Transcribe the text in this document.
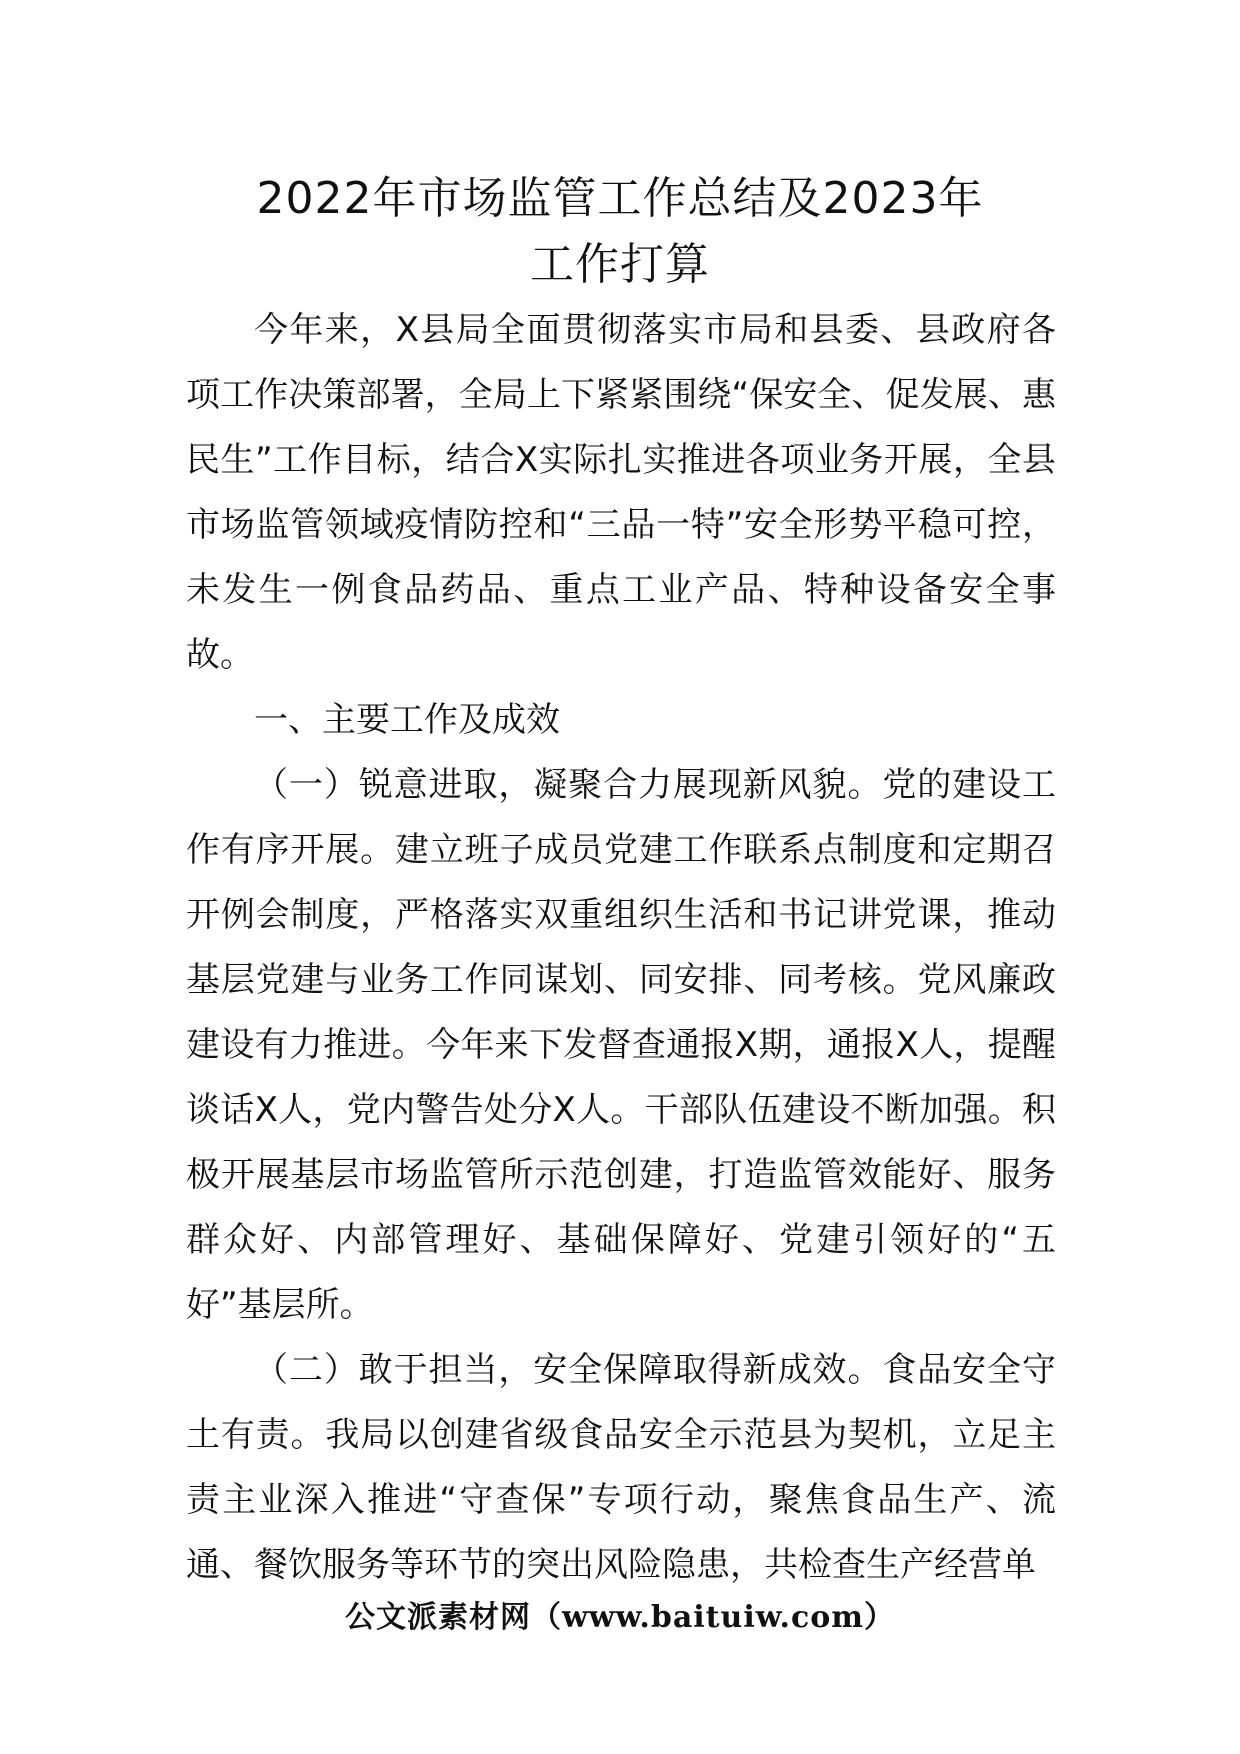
2022年市场监管工作总结及2023年
工作打算

今年来，X县局全面贯彻落实市局和县委、县政府各项工作决策部署，全局上下紧紧围绕“保安全、促发展、惠民生”工作目标，结合X实际扎实推进各项业务开展，全县市场监管领域疫情防控和“三品一特”安全形势平稳可控，未发生一例食品药品、重点工业产品、特种设备安全事故。

一、主要工作及成效

（一）锐意进取，凝聚合力展现新风貌。党的建设工作有序开展。建立班子成员党建工作联系点制度和定期召开例会制度，严格落实双重组织生活和书记讲党课，推动基层党建与业务工作同谋划、同安排、同考核。党风廉政建设有力推进。今年来下发督查通报X期，通报X人，提醒谈话X人，党内警告处分X人。干部队伍建设不断加强。积极开展基层市场监管所示范创建，打造监管效能好、服务群众好、内部管理好、基础保障好、党建引领好的“五好”基层所。

（二）敢于担当，安全保障取得新成效。食品安全守土有责。我局以创建省级食品安全示范县为契机，立足主责主业深入推进“守查保”专项行动，聚焦食品生产、流通、餐饮服务等环节的突出风险隐患，共检查生产经营单

公文派素材网（www.baituiw.com）
